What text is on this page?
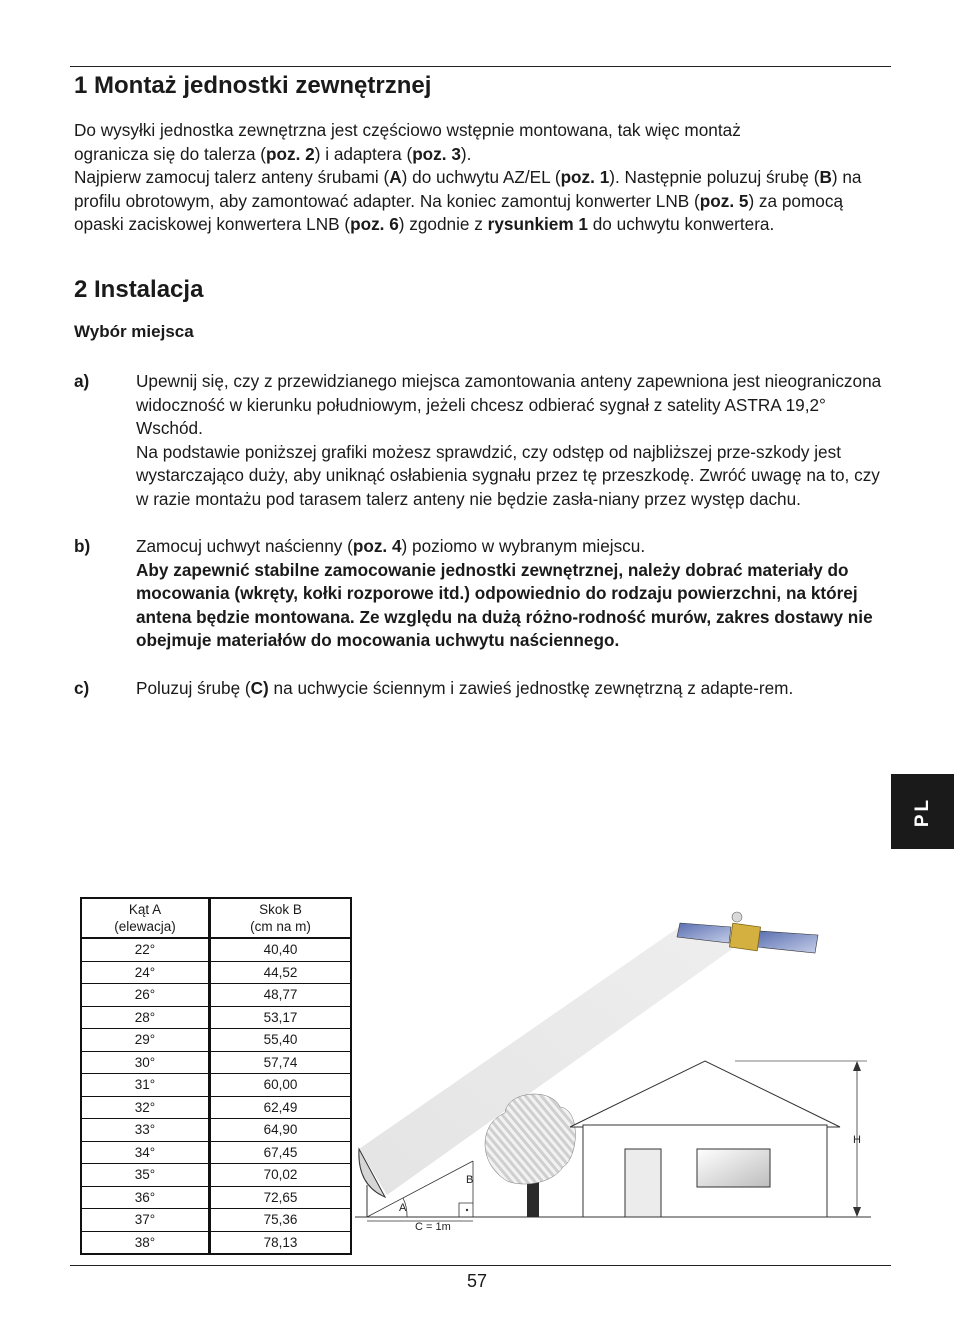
1 Montaż jednostki zewnętrznej
Do wysyłki jednostka zewnętrzna jest częściowo wstępnie montowana, tak więc montaż
ogranicza się do talerza (poz. 2) i adaptera (poz. 3).
Najpierw zamocuj talerz anteny śrubami (A) do uchwytu AZ/EL (poz. 1). Następnie poluzuj śrubę (B) na profilu obrotowym, aby zamontować adapter. Na koniec zamontuj konwerter LNB (poz. 5) za pomocą opaski zaciskowej konwertera LNB (poz. 6) zgodnie z rysunkiem 1 do uchwytu konwertera.
2 Instalacja
Wybór miejsca
a)	Upewnij się, czy z przewidzianego miejsca zamontowania anteny zapewniona jest nieograniczona widoczność w kierunku południowym, jeżeli chcesz odbierać sygnał z satelity ASTRA 19,2° Wschód.
Na podstawie poniższej grafiki możesz sprawdzić, czy odstęp od najbliższej prze-szkody jest wystarczająco duży, aby uniknąć osłabienia sygnału przez tę przeszkodę. Zwróć uwagę na to, czy w razie montażu pod tarasem talerz anteny nie będzie zasła-niany przez występ dachu.
b)	Zamocuj uchwyt naścienny (poz. 4) poziomo w wybranym miejscu.
Aby zapewnić stabilne zamocowanie jednostki zewnętrznej, należy dobrać materiały do mocowania (wkręty, kołki rozporowe itd.) odpowiednio do rodzaju powierzchni, na której antena będzie montowana. Ze względu na dużą różno-rodność murów, zakres dostawy nie obejmuje materiałów do mocowania uchwytu naściennego.
c)	Poluzuj śrubę (C) na uchwycie ściennym i zawieś jednostkę zewnętrzną z adapte-rem.
PL
Kąt A
(elewacja)	Skok B
(cm na m)
22°	40,40
24°	44,52
26°	48,77
28°	53,17
29°	55,40
30°	57,74
31°	60,00
32°	62,49
33°	64,90
34°	67,45
35°	70,02
36°	72,65
37°	75,36
38°	78,13
A
B
C = 1m
H
57
